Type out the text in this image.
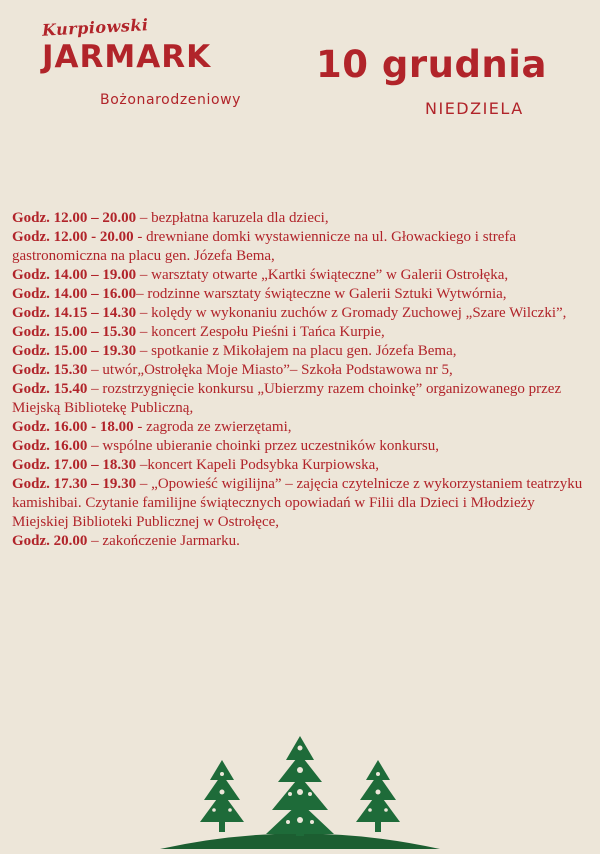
Kurpiowski
JARMARK
Bożonarodzeniowy
10 grudnia
NIEDZIELA

Godz. 12.00 – 20.00 – bezpłatna karuzela dla dzieci,

Godz. 12.00 - 20.00 - drewniane domki wystawiennicze na ul. Głowackiego i strefa gastronomiczna na placu gen. Józefa Bema,

Godz. 14.00 – 19.00 – warsztaty otwarte „Kartki świąteczne” w Galerii Ostrołęka,

Godz. 14.00 – 16.00– rodzinne warsztaty świąteczne w Galerii Sztuki Wytwórnia,

Godz. 14.15 – 14.30 – kolędy w wykonaniu zuchów z Gromady Zuchowej „Szare Wilczki”,

Godz. 15.00 – 15.30 – koncert Zespołu Pieśni i Tańca Kurpie,

Godz. 15.00 – 19.30 – spotkanie z Mikołajem na placu gen. Józefa Bema,

Godz. 15.30 – utwór„Ostrołęka Moje Miasto”– Szkoła Podstawowa nr 5,

Godz. 15.40 – rozstrzygnięcie konkursu „Ubierzmy razem choinkę” organizowanego przez Miejską Bibliotekę Publiczną,

Godz. 16.00 - 18.00 - zagroda ze zwierzętami,

Godz. 16.00 – wspólne ubieranie choinki przez uczestników konkursu,

Godz. 17.00 – 18.30 –koncert Kapeli Podsybka Kurpiowska,

Godz. 17.30 – 19.30 – „Opowieść wigilijna” – zajęcia czytelnicze z wykorzystaniem teatrzyku kamishibai. Czytanie familijne świątecznych opowiadań w Filii dla Dzieci i Młodzieży Miejskiej Biblioteki Publicznej w Ostrołęce,

Godz. 20.00 – zakończenie Jarmarku.
